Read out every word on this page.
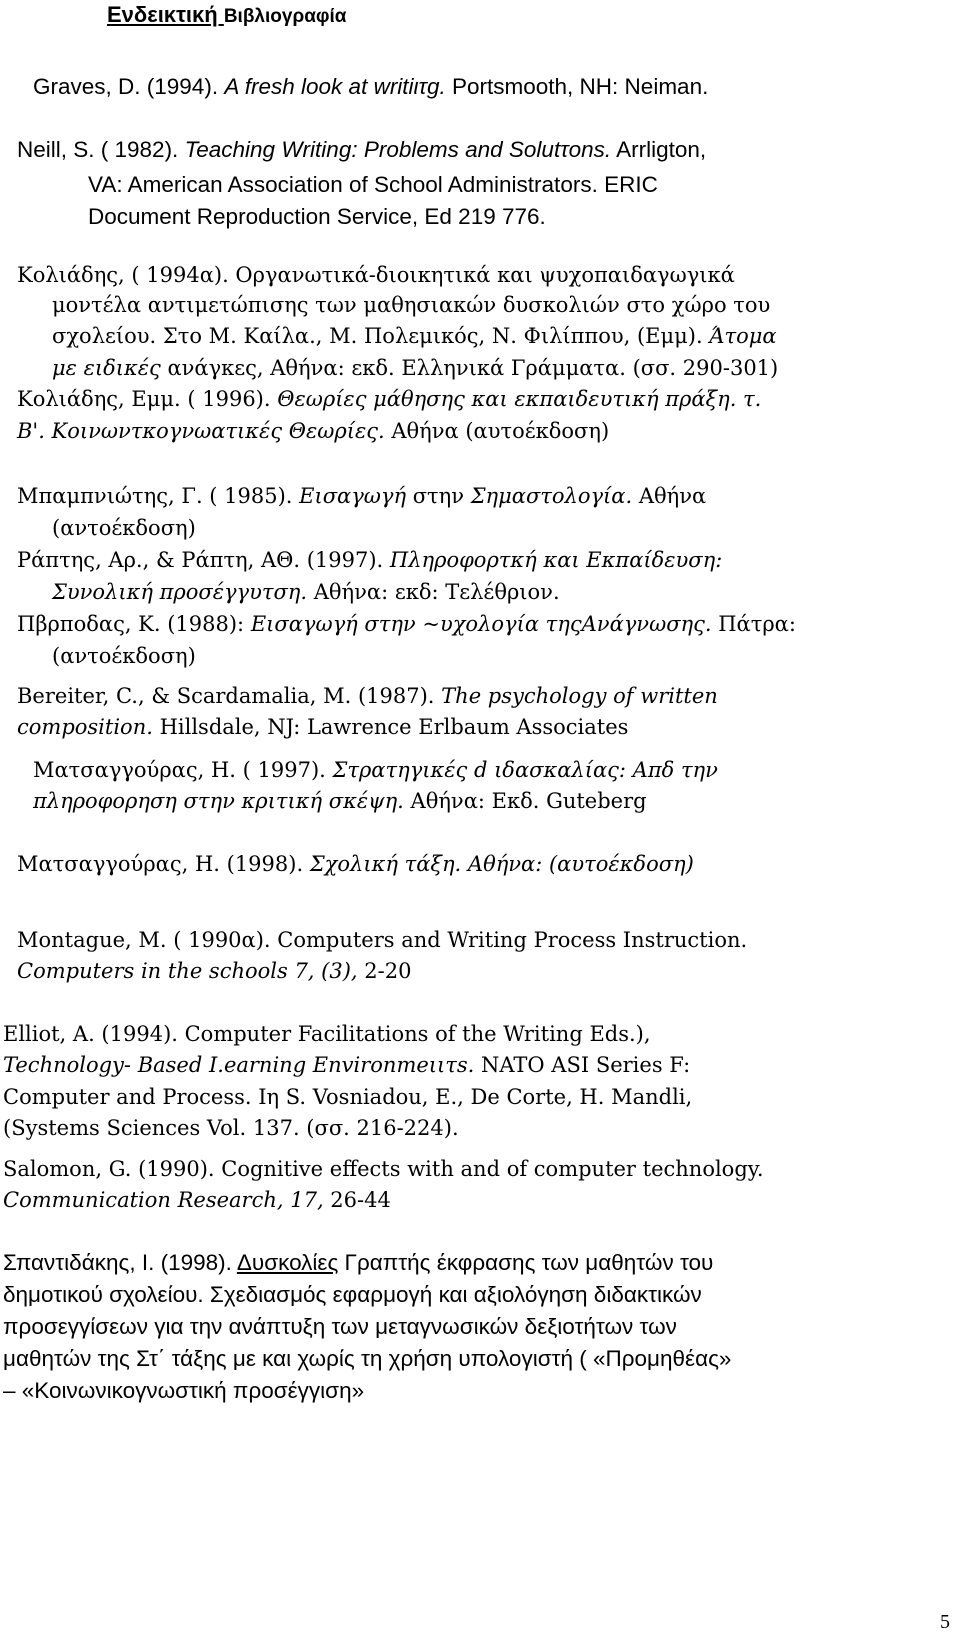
Ενδεικτική Βιβλιογραφία
Graves, D. (1994). A fresh look at writiιτg. Portsmooth, NH: Neiman.
Neill, S. ( 1982). Teaching Writing: Problems and Solutτons. Arrligton,
VA: American Association of School Administrators. ERIC
Document Reproduction Service, Ed 219 776.
Κολιάδης, ( 1994α). Οργανωτικά-διοικητικά και ψυχοπαιδαγωγικά
μοντέλα αντιμετώπισης των μαθησιακών δυσκολιών στο χώρο του
σχολείου. Στο Μ. Καίλα., Μ. Πολεμικός, Ν. Φιλίππου, (Εμμ). Άτομα
με ειδικές ανάγκες, Αθήνα: εκδ. Ελληνικά Γράμματα. (σσ. 290-301)
Κολιάδης, Εμμ. ( 1996). Θεωρίες μάθησης και εκπαιδευτική πράξη. τ.
Β'. Κοινωντκογνωατικές Θεωρίες. Αθήνα (αυτοέκδοση)
Μπαμπνιώτης, Γ. ( 1985). Εισαγωγή στην Σημαστολογία. Αθήνα
(αντοέκδοση)
Ράπτης, Αρ., & Ράπτη, ΑΘ. (1997). Πληροφορτκή και Εκπαίδευση:
Συνολική προσέγγυτση. Αθήνα: εκδ: Τελέθριον.
Πβρποδας, Κ. (1988): Εισαγωγή στην ~υχολογία τηςΑνάγνωσης. Πάτρα:
(αντοέκδοση)
Bereiter, C., & Scardamalia, M. (1987). The psychology of written
composition. Hillsdale, NJ: Lawrence Erlbaum Associates
Ματσαγγούρας, Η. ( 1997). Στρατηγικές d ιδασκαλίας: Απδ την
πληροφορηση στην κριτική σκέψη. Αθήνα: Εκδ. Guteberg
Ματσαγγούρας, Η. (1998). Σχολική τάξη. Αθήνα: (αυτοέκδοση)
Montague, M. ( 1990α). Computers and Writing Process Instruction.
Computers in the schools 7, (3), 2-20
Elliot, A. (1994). Computer Facilitations of the Writing Eds.),
Technology- Based I.earning Environmeιιτs. NATO ASI Series F:
Computer and Process. Iη S. Vosniadou, E., De Corte, H. Mandli,
(Systems Sciences Vol. 137. (σσ. 216-224).
Salomon, G. (1990). Cognitive effects with and of computer technology.
Communication Research, 17, 26-44
Σπαντιδάκης, Ι. (1998). Δυσκολίες Γραπτής έκφρασης των μαθητών του
δημοτικού σχολείου. Σχεδιασμός εφαρμογή και αξιολόγηση διδακτικών
προσεγγίσεων για την ανάπτυξη των μεταγνωσικών δεξιοτήτων των
μαθητών της Στ΄ τάξης με και χωρίς τη χρήση υπολογιστή ( «Προμηθέας»
– «Κοινωνικογνωστική προσέγγιση»
5
